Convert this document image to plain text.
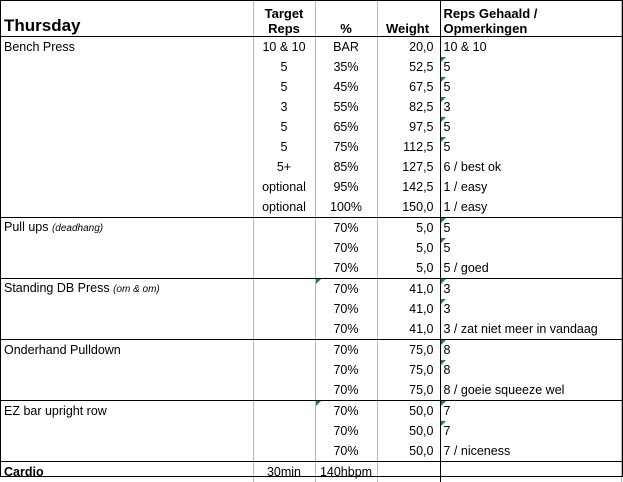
Thursday	Target Reps	%	Weight	Reps Gehaald / Opmerkingen
Bench Press	10 & 10	BAR	20,0	10 & 10
	5	35%	52,5	5
	5	45%	67,5	5
	3	55%	82,5	3
	5	65%	97,5	5
	5	75%	112,5	5
	5+	85%	127,5	6 / best ok
	optional	95%	142,5	1 / easy
	optional	100%	150,0	1 / easy
Pull ups (deadhang)		70%	5,0	5
		70%	5,0	5
		70%	5,0	5 / goed
Standing DB Press (om & om)		70%	41,0	3
		70%	41,0	3
		70%	41,0	3 / zat niet meer in vandaag
Onderhand Pulldown		70%	75,0	8
		70%	75,0	8
		70%	75,0	8 / goeie squeeze wel
EZ bar upright row		70%	50,0	7
		70%	50,0	7
		70%	50,0	7 / niceness
Cardio	30min	140hbpm		
